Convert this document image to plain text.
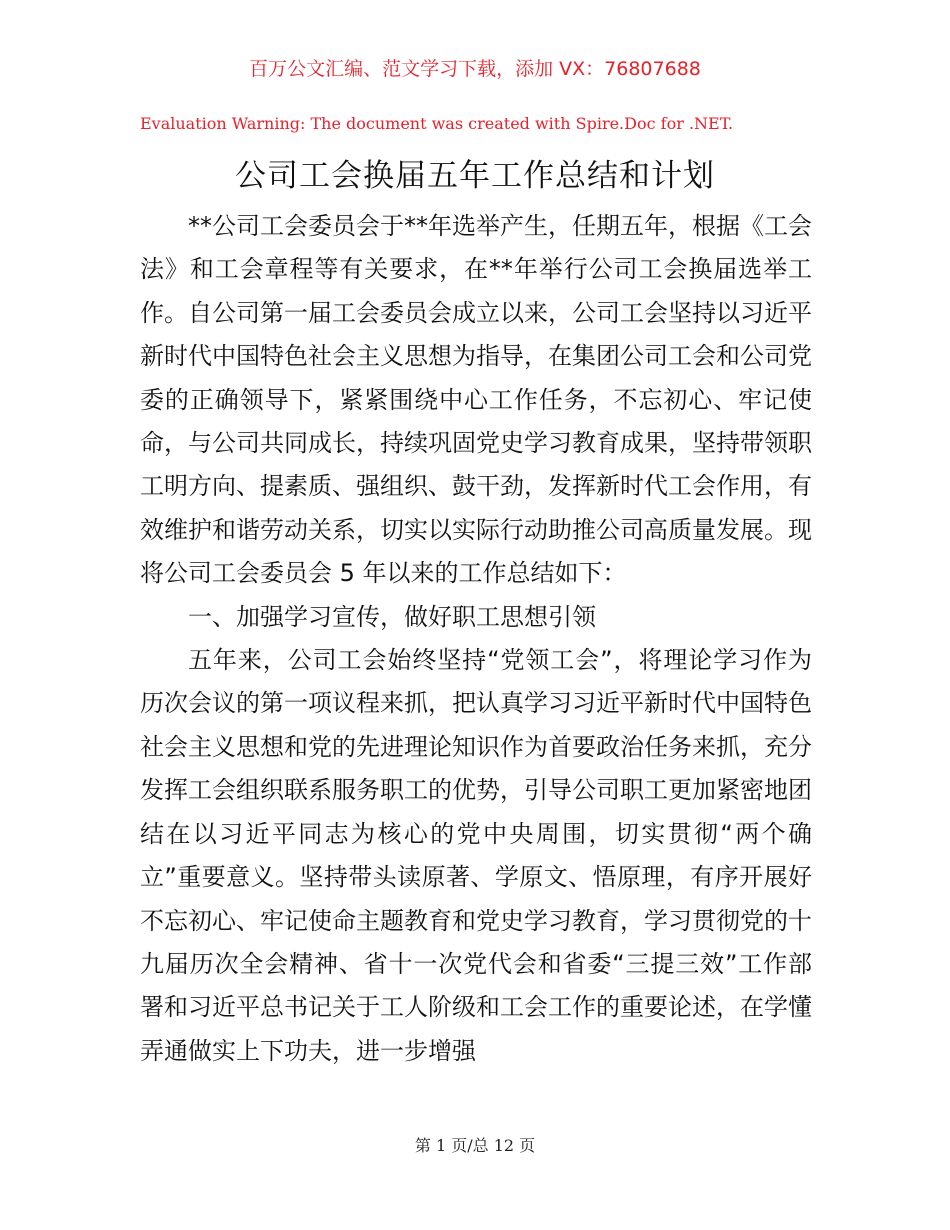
百万公文汇编、范文学习下载，添加 VX：76807688
Evaluation Warning: The document was created with Spire.Doc for .NET.
公司工会换届五年工作总结和计划

**公司工会委员会于**年选举产生，任期五年，根据《工会法》和工会章程等有关要求，在**年举行公司工会换届选举工作。自公司第一届工会委员会成立以来，公司工会坚持以习近平新时代中国特色社会主义思想为指导，在集团公司工会和公司党委的正确领导下，紧紧围绕中心工作任务，不忘初心、牢记使命，与公司共同成长，持续巩固党史学习教育成果，坚持带领职工明方向、提素质、强组织、鼓干劲，发挥新时代工会作用，有效维护和谐劳动关系，切实以实际行动助推公司高质量发展。现将公司工会委员会 5 年以来的工作总结如下：

一、加强学习宣传，做好职工思想引领

五年来，公司工会始终坚持“党领工会”，将理论学习作为历次会议的第一项议程来抓，把认真学习习近平新时代中国特色社会主义思想和党的先进理论知识作为首要政治任务来抓，充分发挥工会组织联系服务职工的优势，引导公司职工更加紧密地团结在以习近平同志为核心的党中央周围，切实贯彻“两个确立”重要意义。坚持带头读原著、学原文、悟原理，有序开展好不忘初心、牢记使命主题教育和党史学习教育，学习贯彻党的十九届历次全会精神、省十一次党代会和省委“三提三效”工作部署和习近平总书记关于工人阶级和工会工作的重要论述，在学懂弄通做实上下功夫，进一步增强

第 1 页/总 12 页
